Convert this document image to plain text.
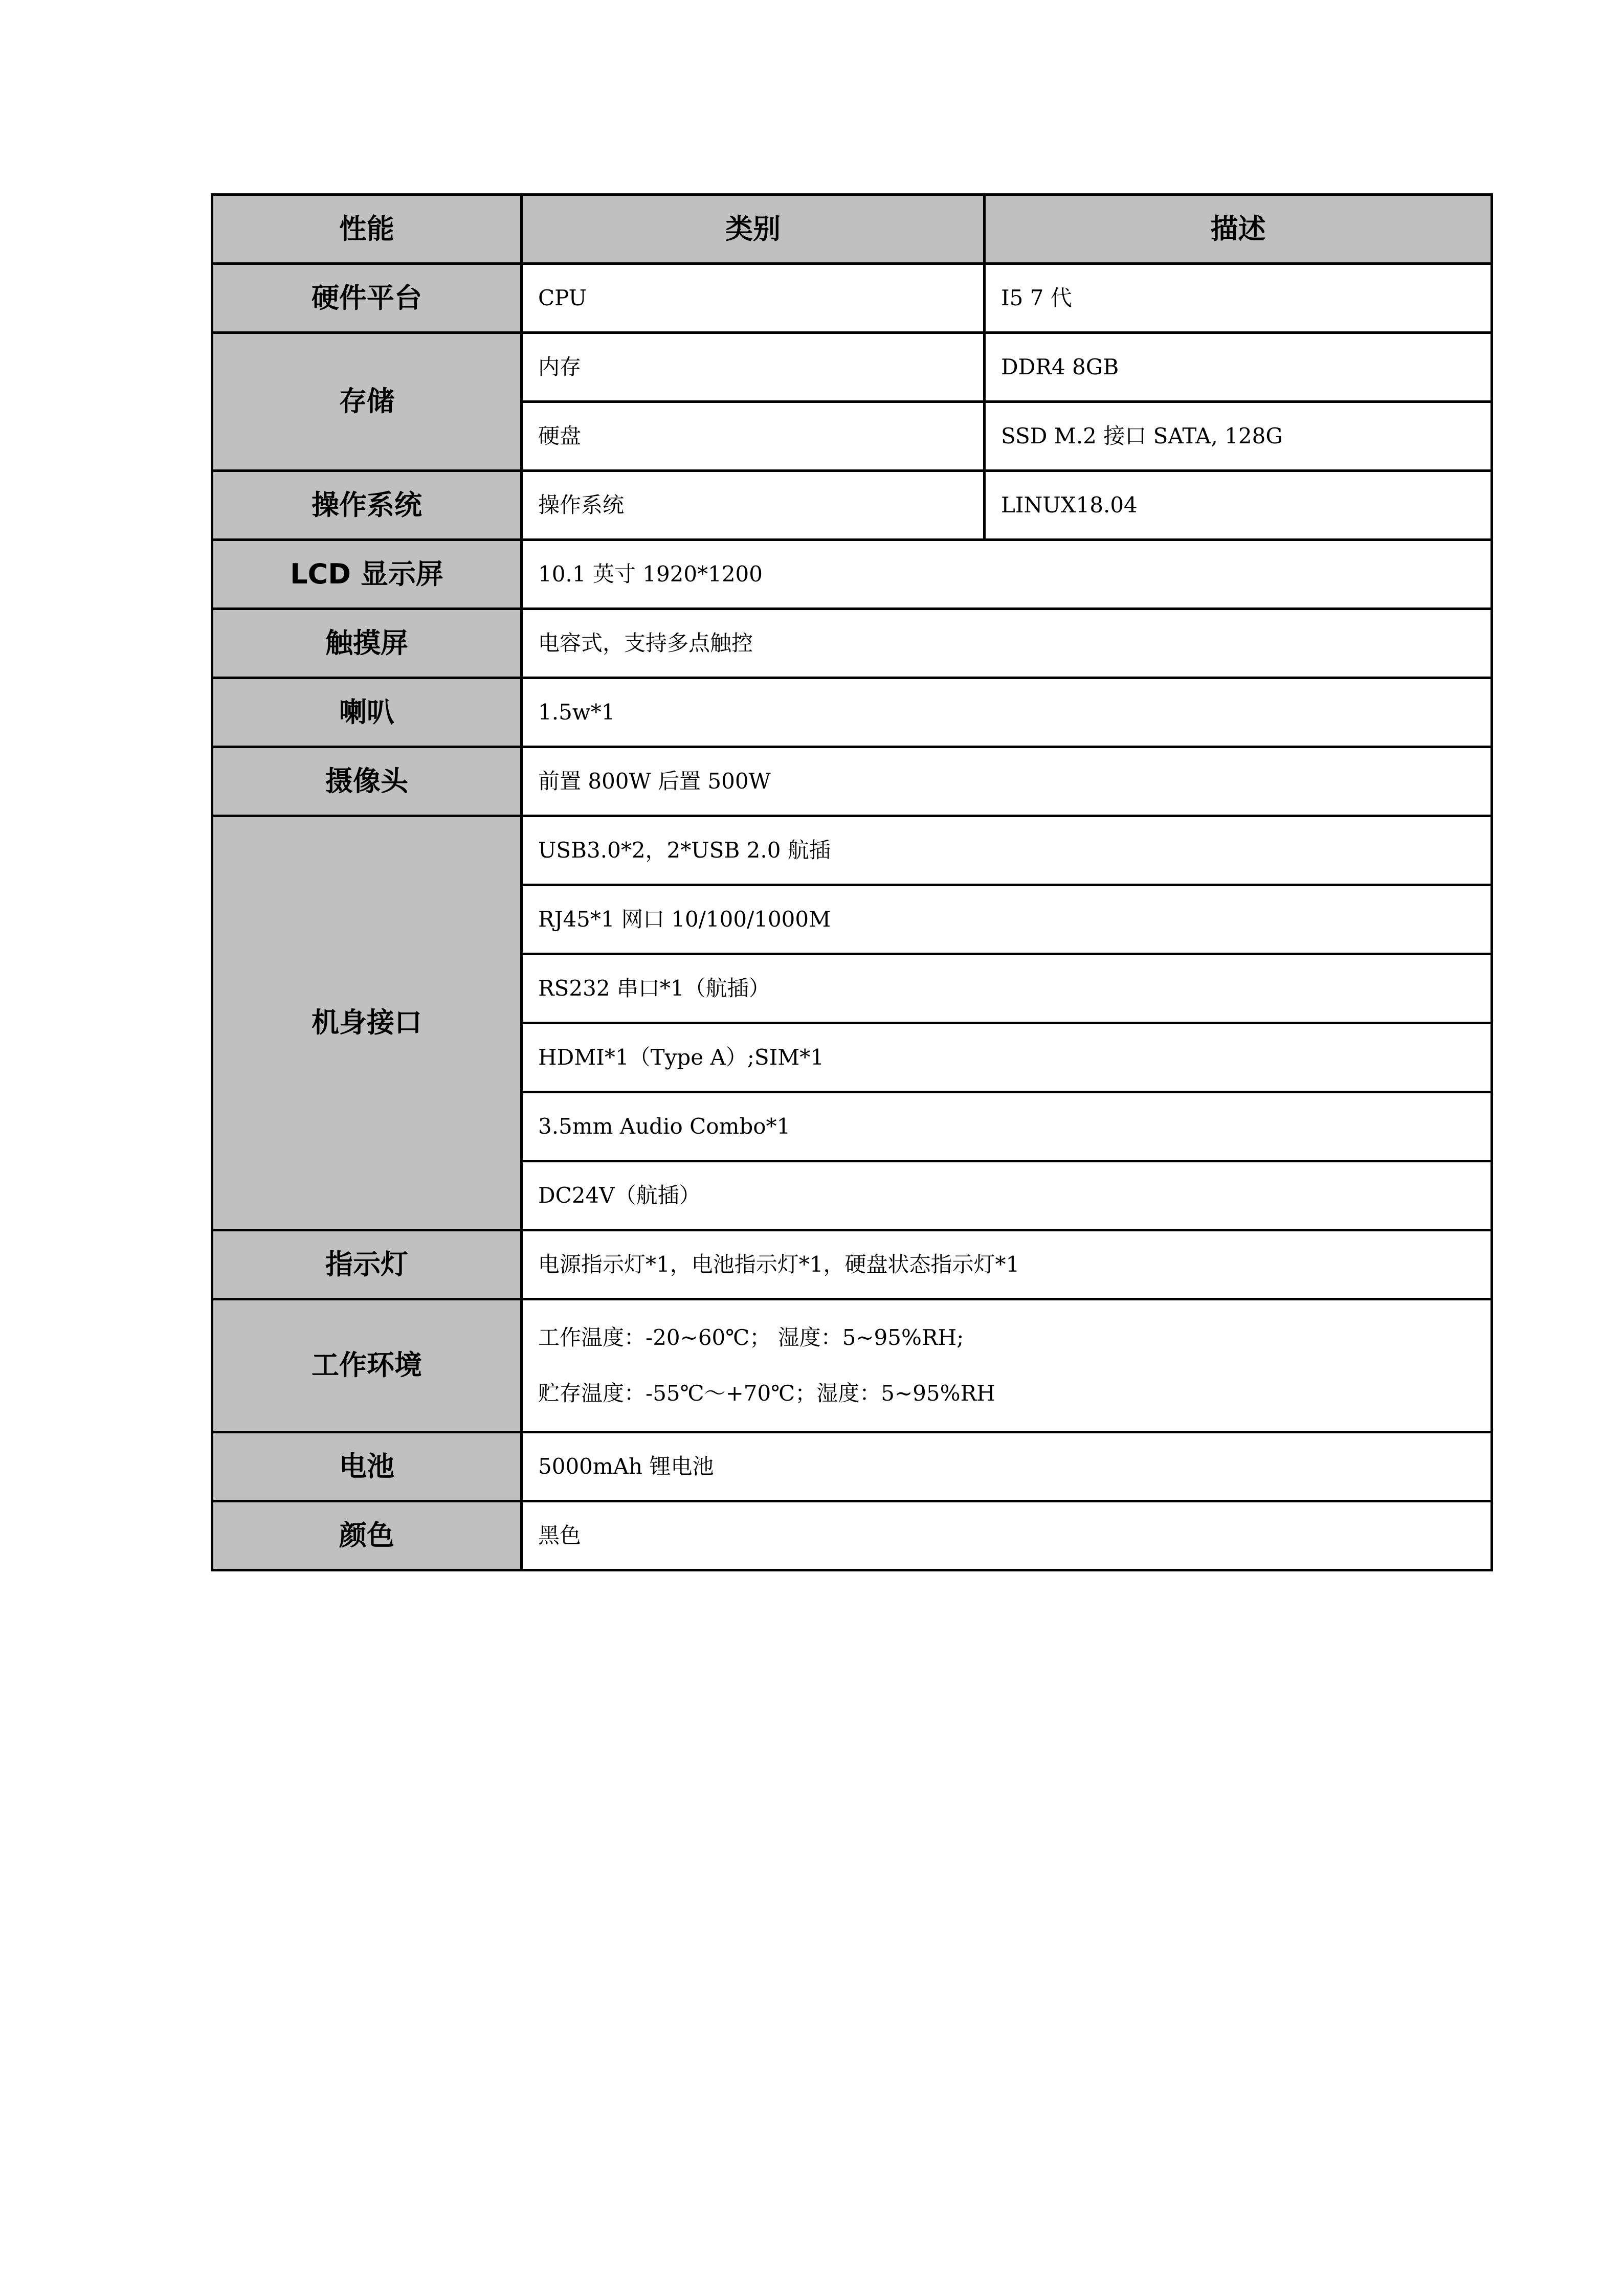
性能	类别	描述
硬件平台	CPU	I5 7 代
存储	内存	DDR4 8GB
	硬盘	SSD M.2 接口 SATA, 128G
操作系统	操作系统	LINUX18.04
LCD 显示屏	10.1 英寸 1920*1200	
触摸屏	电容式，支持多点触控	
喇叭	1.5w*1	
摄像头	前置 800W 后置 500W	
机身接口	USB3.0*2，2*USB 2.0 航插	
	RJ45*1 网口 10/100/1000M	
	RS232 串口*1（航插）	
	HDMI*1（Type A）;SIM*1	
	3.5mm Audio Combo*1	
	DC24V（航插）	
指示灯	电源指示灯*1，电池指示灯*1，硬盘状态指示灯*1	
工作环境	工作温度：-20~60℃； 湿度：5~95%RH;
贮存温度：-55℃～+70℃；湿度：5~95%RH	

电池	5000mAh 锂电池	
颜色	黑色	
